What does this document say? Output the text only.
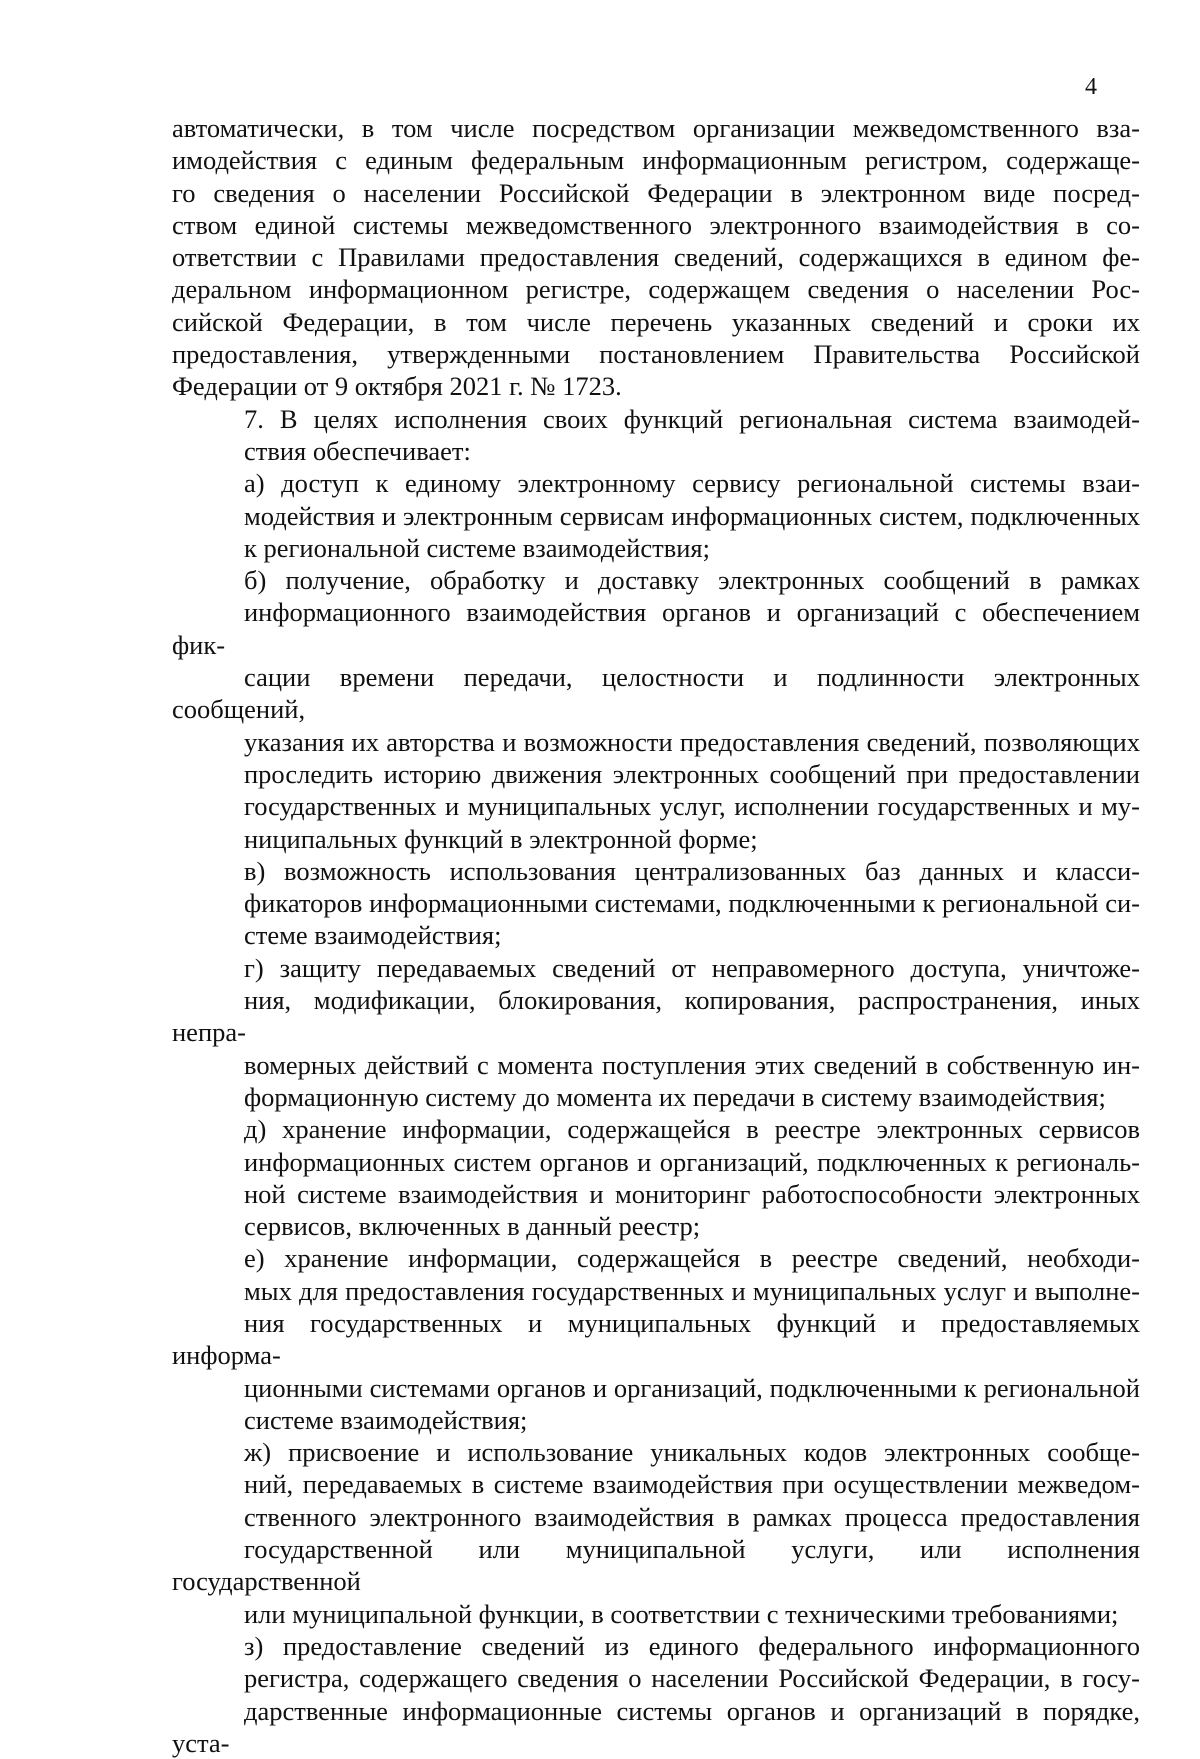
4

автоматически, в том числе посредством организации межведомственного вза-
имодействия с единым федеральным информационным регистром, содержаще-
го сведения о населении Российской Федерации в электронном виде посред-
ством единой системы межведомственного электронного взаимодействия в со-
ответствии с Правилами предоставления сведений, содержащихся в едином фе-
деральном информационном регистре, содержащем сведения о населении Рос-
сийской Федерации, в том числе перечень указанных сведений и сроки их
предоставления, утвержденными постановлением Правительства Российской
Федерации от 9 октября 2021 г. № 1723.

7. В целях исполнения своих функций региональная система взаимодей-
ствия обеспечивает:

а) доступ к единому электронному сервису региональной системы взаи-
модействия и электронным сервисам информационных систем, подключенных
к региональной системе взаимодействия;

б) получение, обработку и доставку электронных сообщений в рамках
информационного взаимодействия органов и организаций с обеспечением фик-
сации времени передачи, целостности и подлинности электронных сообщений,
указания их авторства и возможности предоставления сведений, позволяющих
проследить историю движения электронных сообщений при предоставлении
государственных и муниципальных услуг, исполнении государственных и му-
ниципальных функций в электронной форме;

в) возможность использования централизованных баз данных и класси-
фикаторов информационными системами, подключенными к региональной си-
стеме взаимодействия;

г) защиту передаваемых сведений от неправомерного доступа, уничтоже-
ния, модификации, блокирования, копирования, распространения, иных непра-
вомерных действий с момента поступления этих сведений в собственную ин-
формационную систему до момента их передачи в систему взаимодействия;

д) хранение информации, содержащейся в реестре электронных сервисов
информационных систем органов и организаций, подключенных к региональ-
ной системе взаимодействия и мониторинг работоспособности электронных
сервисов, включенных в данный реестр;

е) хранение информации, содержащейся в реестре сведений, необходи-
мых для предоставления государственных и муниципальных услуг и выполне-
ния государственных и муниципальных функций и предоставляемых информа-
ционными системами органов и организаций, подключенными к региональной
системе взаимодействия;

ж) присвоение и использование уникальных кодов электронных сообще-
ний, передаваемых в системе взаимодействия при осуществлении межведом-
ственного электронного взаимодействия в рамках процесса предоставления
государственной или муниципальной услуги, или исполнения государственной
или муниципальной функции, в соответствии с техническими требованиями;

з) предоставление сведений из единого федерального информационного
регистра, содержащего сведения о населении Российской Федерации, в госу-
дарственные информационные системы органов и организаций в порядке, уста-
